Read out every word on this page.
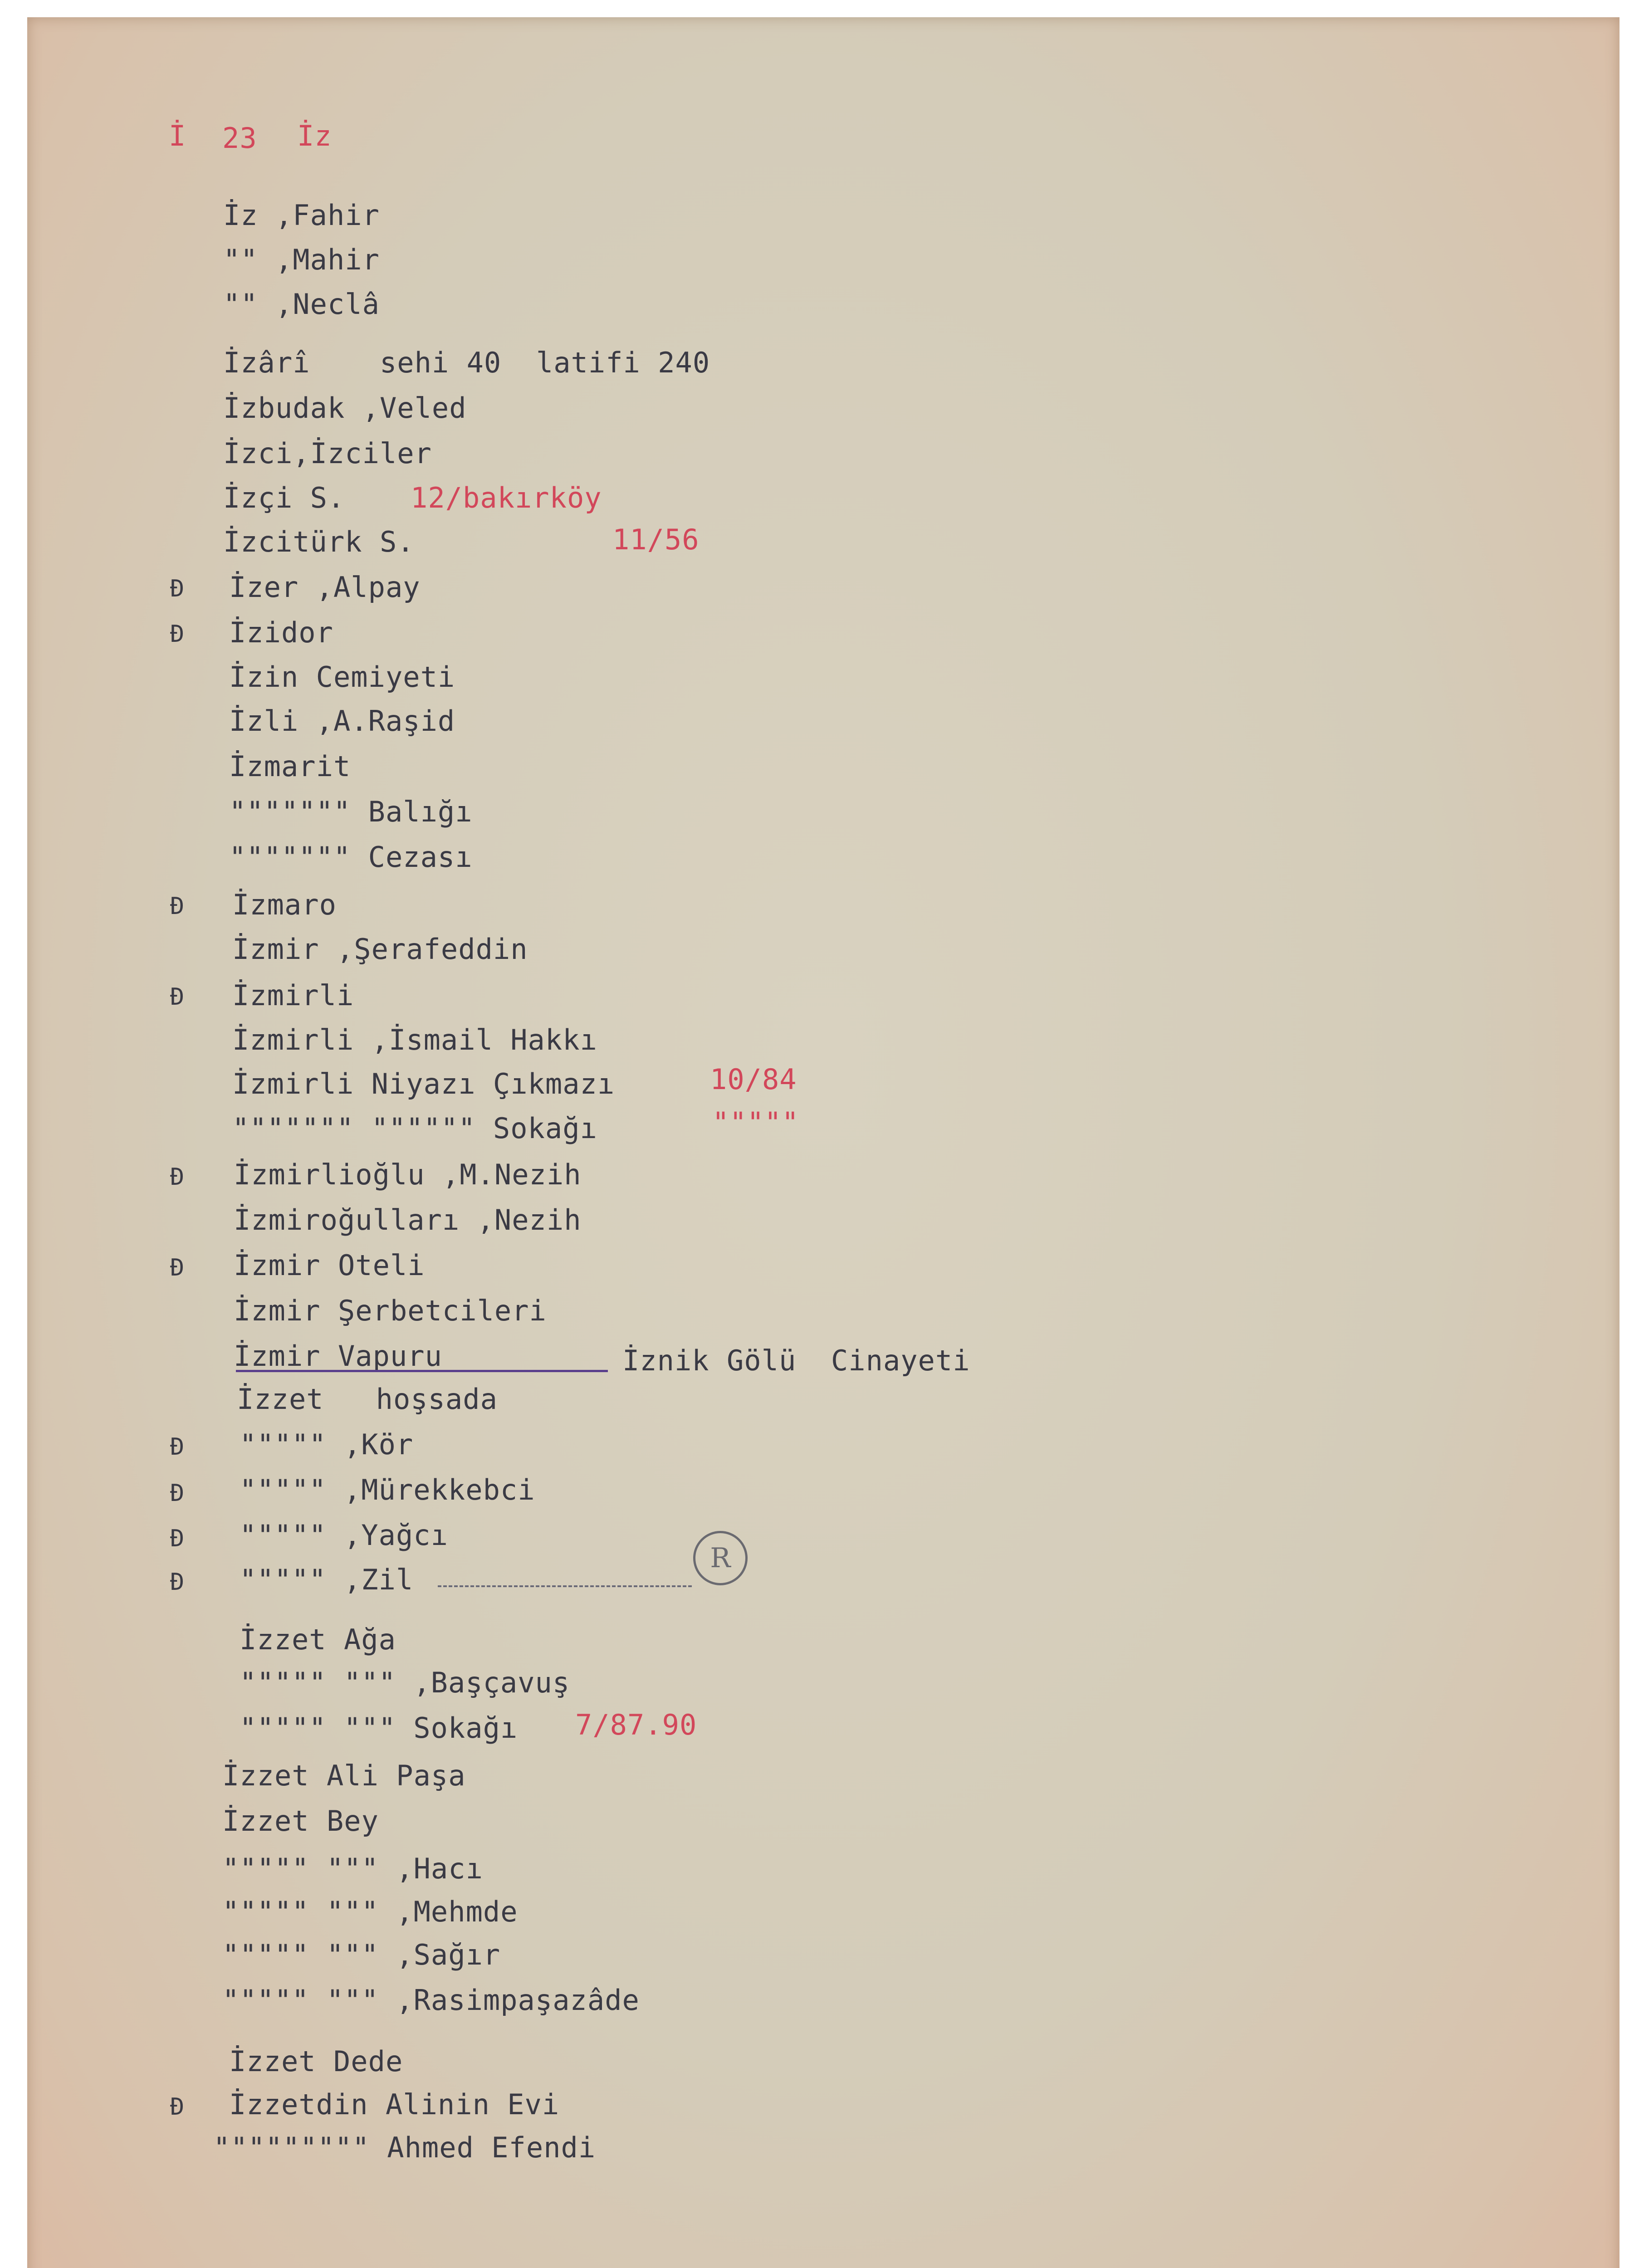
İ 23 İz
İz ,Fahir
"" ,Mahir
"" ,Neclâ
İzârî    sehi 40  latifi 240
İzbudak ,Veled
İzci,İzciler
İzçi S. 12/bakırköy
İzcitürk S.	11/56
Ð İzer ,Alpay
Ð İzidor
İzin Cemiyeti
İzli ,A.Raşid
İzmarit
""""""" Balığı
""""""" Cezası
Ð İzmaro
İzmir ,Şerafeddin
Ð İzmirli
İzmirli ,İsmail Hakkı
İzmirli Niyazı Çıkmazı	10/84
""""""" """""" Sokağı	"""""
Ð İzmirlioğlu ,M.Nezih
İzmiroğulları ,Nezih
Ð İzmir Oteli
İzmir Şerbetcileri
İzmir Vapuru	İznik Gölü  Cinayeti
İzzet   hoşsada
Ð """"" ,Kör
Ð """"" ,Mürekkebci
Ð """"" ,Yağcı
Ð """"" ,Zil
R
İzzet Ağa
""""" """ ,Başçavuş
""""" """ Sokağı 7/87.90
İzzet Ali Paşa
İzzet Bey
""""" """ ,Hacı
""""" """ ,Mehmde
""""" """ ,Sağır
""""" """ ,Rasimpaşazâde
İzzet Dede
Ð İzzetdin Alinin Evi
""""""""" Ahmed Efendi
